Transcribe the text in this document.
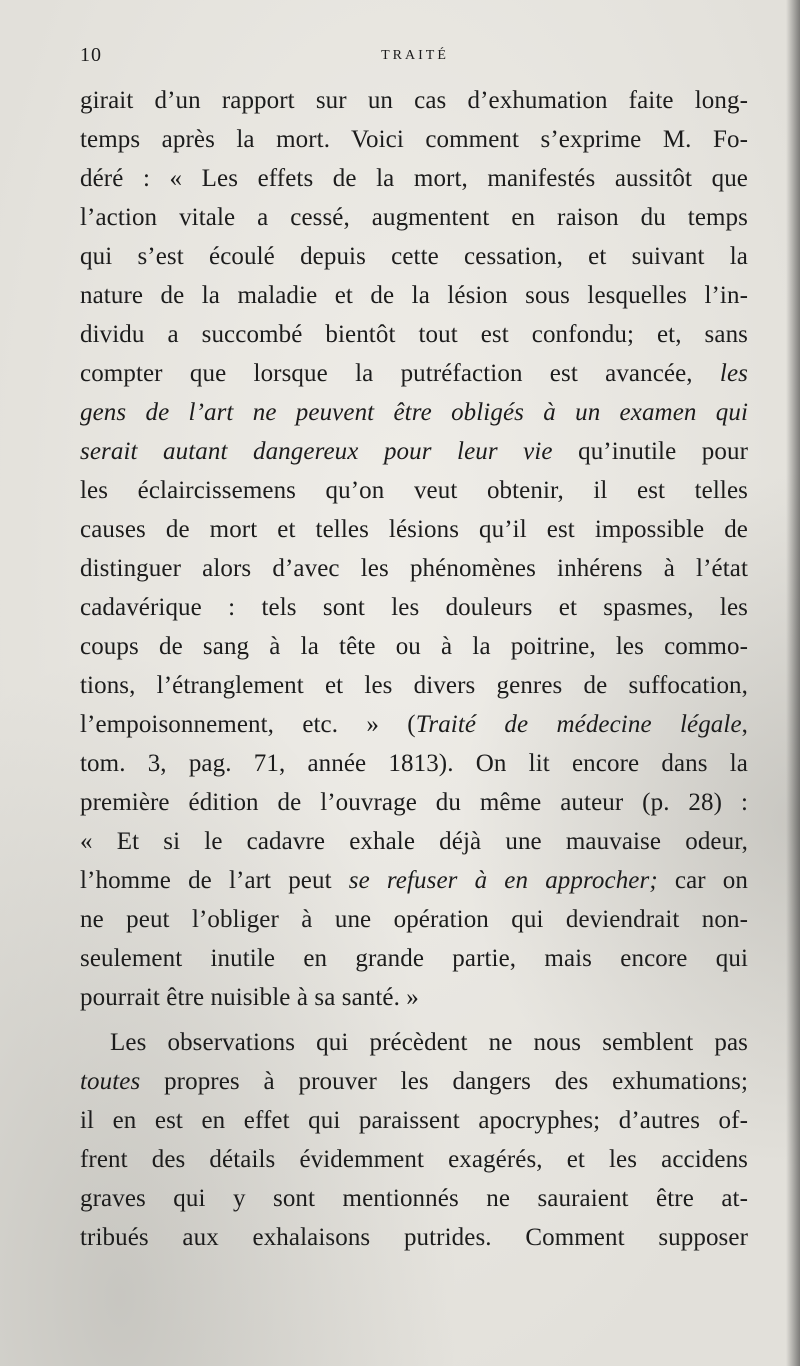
10	TRAITÉ
girait d’un rapport sur un cas d’exhumation faite long-
temps après la mort. Voici comment s’exprime M. Fo-
déré : « Les effets de la mort, manifestés aussitôt que
l’action vitale a cessé, augmentent en raison du temps
qui s’est écoulé depuis cette cessation, et suivant la
nature de la maladie et de la lésion sous lesquelles l’in-
dividu a succombé bientôt tout est confondu; et, sans
compter que lorsque la putréfaction est avancée, les
gens de l’art ne peuvent être obligés à un examen qui
serait autant dangereux pour leur vie qu’inutile pour
les éclaircissemens qu’on veut obtenir, il est telles
causes de mort et telles lésions qu’il est impossible de
distinguer alors d’avec les phénomènes inhérens à l’état
cadavérique : tels sont les douleurs et spasmes, les
coups de sang à la tête ou à la poitrine, les commo-
tions, l’étranglement et les divers genres de suffocation,
l’empoisonnement, etc. » (Traité de médecine légale,
tom. 3, pag. 71, année 1813). On lit encore dans la
première édition de l’ouvrage du même auteur (p. 28) :
« Et si le cadavre exhale déjà une mauvaise odeur,
l’homme de l’art peut se refuser à en approcher; car on
ne peut l’obliger à une opération qui deviendrait non-
seulement inutile en grande partie, mais encore qui
pourrait être nuisible à sa santé. »
Les observations qui précèdent ne nous semblent pas
toutes propres à prouver les dangers des exhumations;
il en est en effet qui paraissent apocryphes; d’autres of-
frent des détails évidemment exagérés, et les accidens
graves qui y sont mentionnés ne sauraient être at-
tribués aux exhalaisons putrides. Comment supposer
